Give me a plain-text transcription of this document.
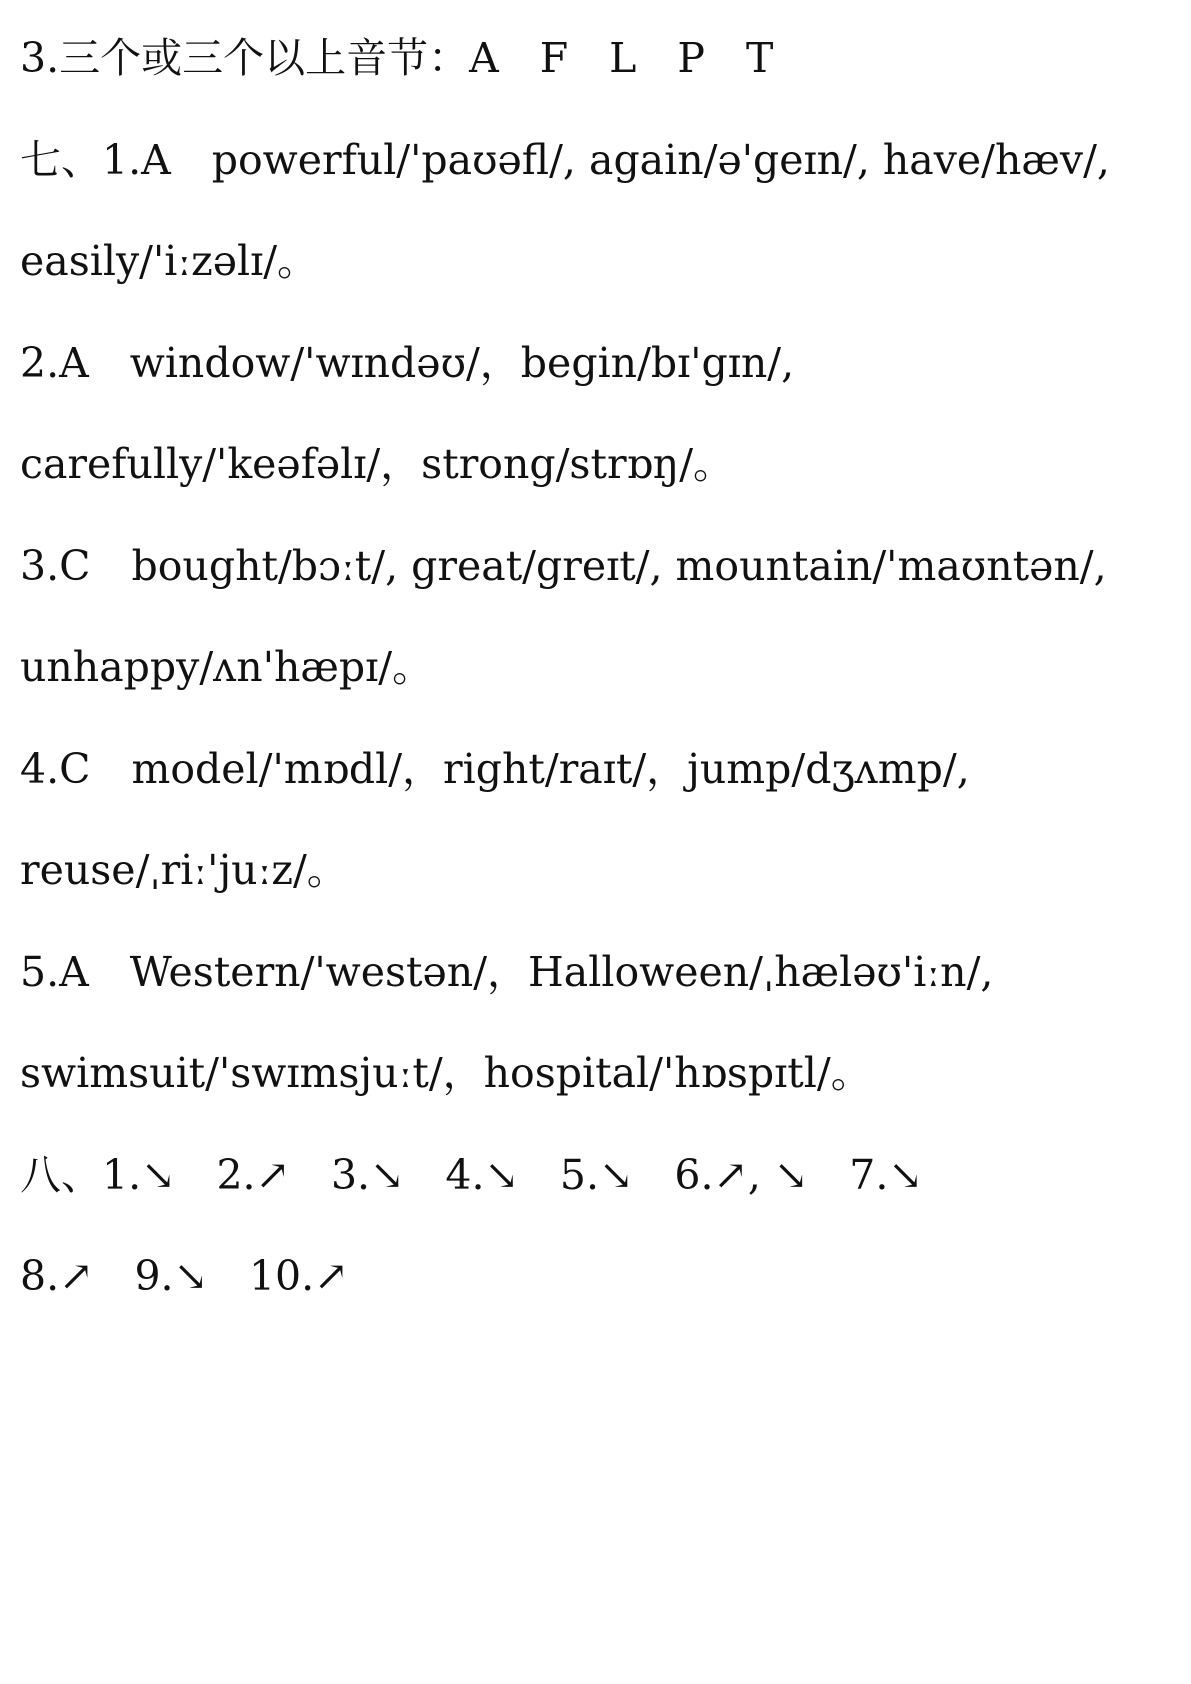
3.三个或三个以上音节：A　F　L　P　T
七、1.A　powerful/'paʊəfl/, again/ə'geɪn/, have/hæv/,
easily/'iːzəlɪ/。
2.A　window/'wɪndəʊ/，begin/bɪ'gɪn/,
carefully/'keəfəlɪ/，strong/strɒŋ/。
3.C　bought/bɔːt/, great/greɪt/, mountain/'maʊntən/,
unhappy/ʌn'hæpɪ/。
4.C　model/'mɒdl/，right/raɪt/，jump/dʒʌmp/,
reuse/ˌriː'juːz/。
5.A　Western/'westən/，Halloween/ˌhæləʊ'iːn/,
swimsuit/'swɪmsjuːt/，hospital/'hɒspɪtl/。
八、1.↘　2.↗　3.↘　4.↘　5.↘　6.↗, ↘　7.↘
8.↗　9.↘　10.↗
